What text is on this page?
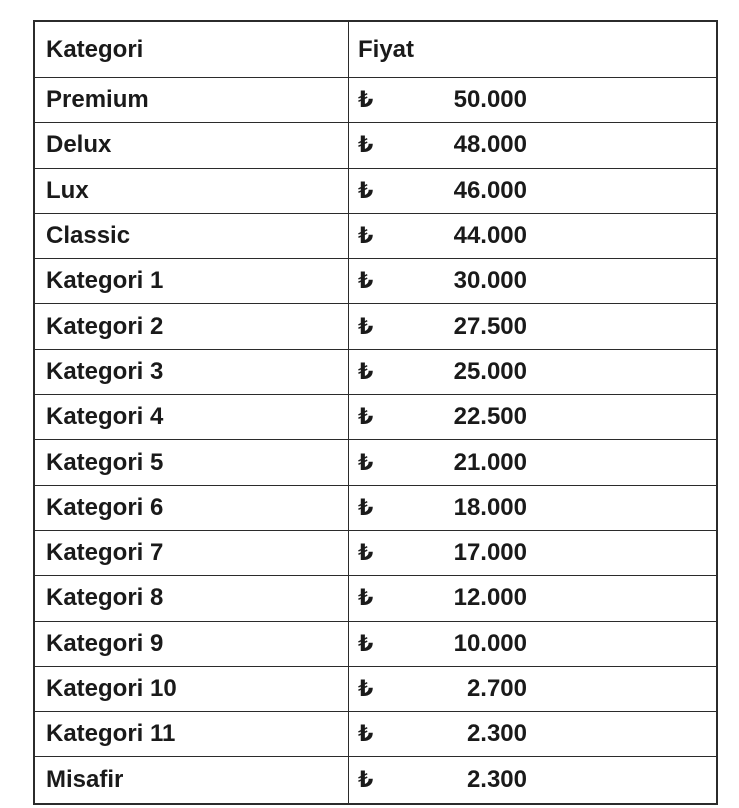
Kategori	Fiyat
Premium	₺	50.000
Delux	₺	48.000
Lux	₺	46.000
Classic	₺	44.000
Kategori 1	₺	30.000
Kategori 2	₺	27.500
Kategori 3	₺	25.000
Kategori 4	₺	22.500
Kategori 5	₺	21.000
Kategori 6	₺	18.000
Kategori 7	₺	17.000
Kategori 8	₺	12.000
Kategori 9	₺	10.000
Kategori 10	₺	2.700
Kategori 11	₺	2.300
Misafir	₺	2.300
